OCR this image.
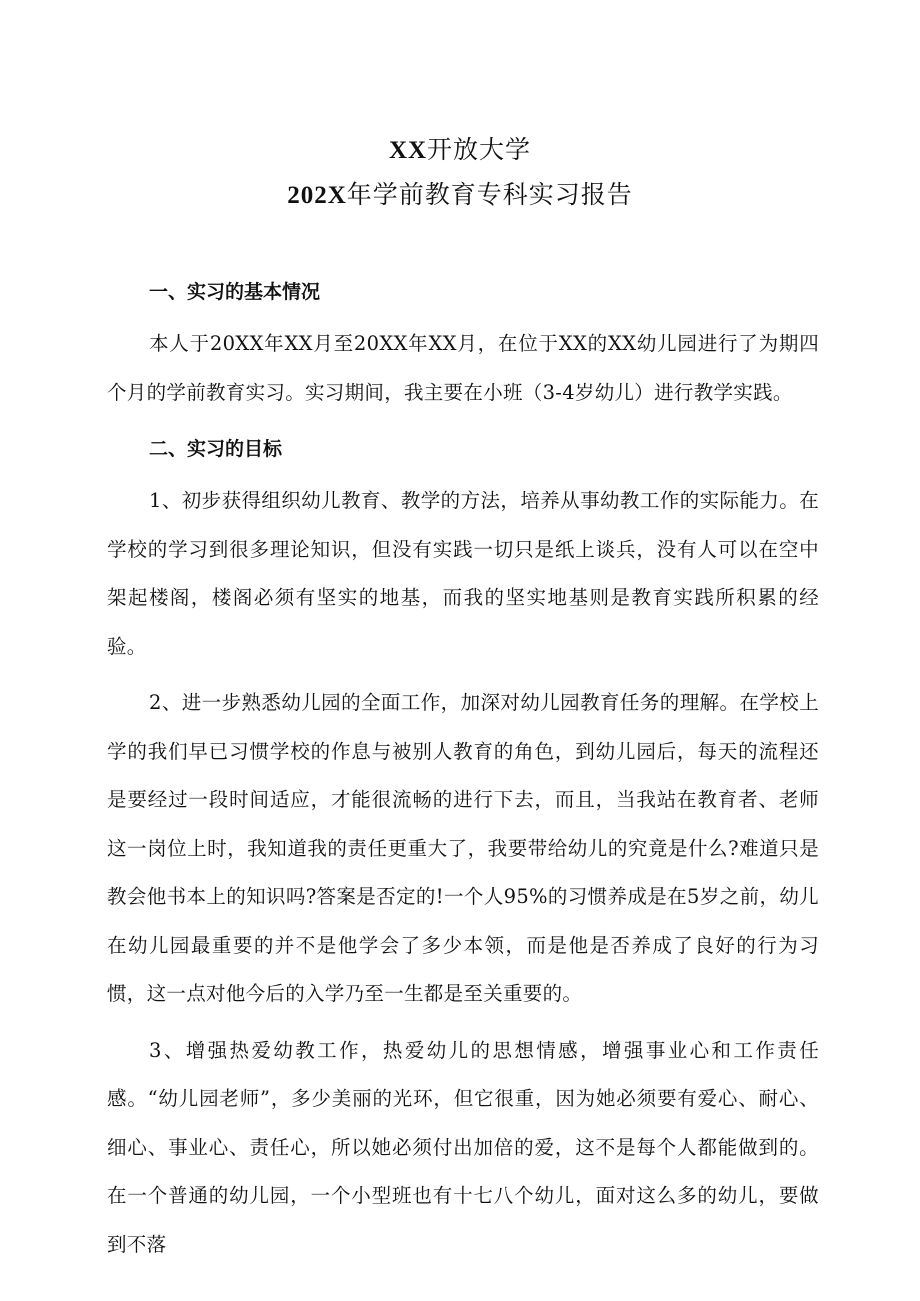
XX开放大学
202X年学前教育专科实习报告

一、实习的基本情况

本人于20XX年XX月至20XX年XX月，在位于XX的XX幼儿园进行了为期四个月的学前教育实习。实习期间，我主要在小班（3-4岁幼儿）进行教学实践。

二、实习的目标

1、初步获得组织幼儿教育、教学的方法，培养从事幼教工作的实际能力。在学校的学习到很多理论知识，但没有实践一切只是纸上谈兵，没有人可以在空中架起楼阁，楼阁必须有坚实的地基，而我的坚实地基则是教育实践所积累的经验。

2、进一步熟悉幼儿园的全面工作，加深对幼儿园教育任务的理解。在学校上学的我们早已习惯学校的作息与被别人教育的角色，到幼儿园后，每天的流程还是要经过一段时间适应，才能很流畅的进行下去，而且，当我站在教育者、老师这一岗位上时，我知道我的责任更重大了，我要带给幼儿的究竟是什么?难道只是教会他书本上的知识吗?答案是否定的!一个人95%的习惯养成是在5岁之前，幼儿在幼儿园最重要的并不是他学会了多少本领，而是他是否养成了良好的行为习惯，这一点对他今后的入学乃至一生都是至关重要的。

3、增强热爱幼教工作，热爱幼儿的思想情感，增强事业心和工作责任感。“幼儿园老师”，多少美丽的光环，但它很重，因为她必须要有爱心、耐心、细心、事业心、责任心，所以她必须付出加倍的爱，这不是每个人都能做到的。在一个普通的幼儿园，一个小型班也有十七八个幼儿，面对这么多的幼儿，要做到不落
